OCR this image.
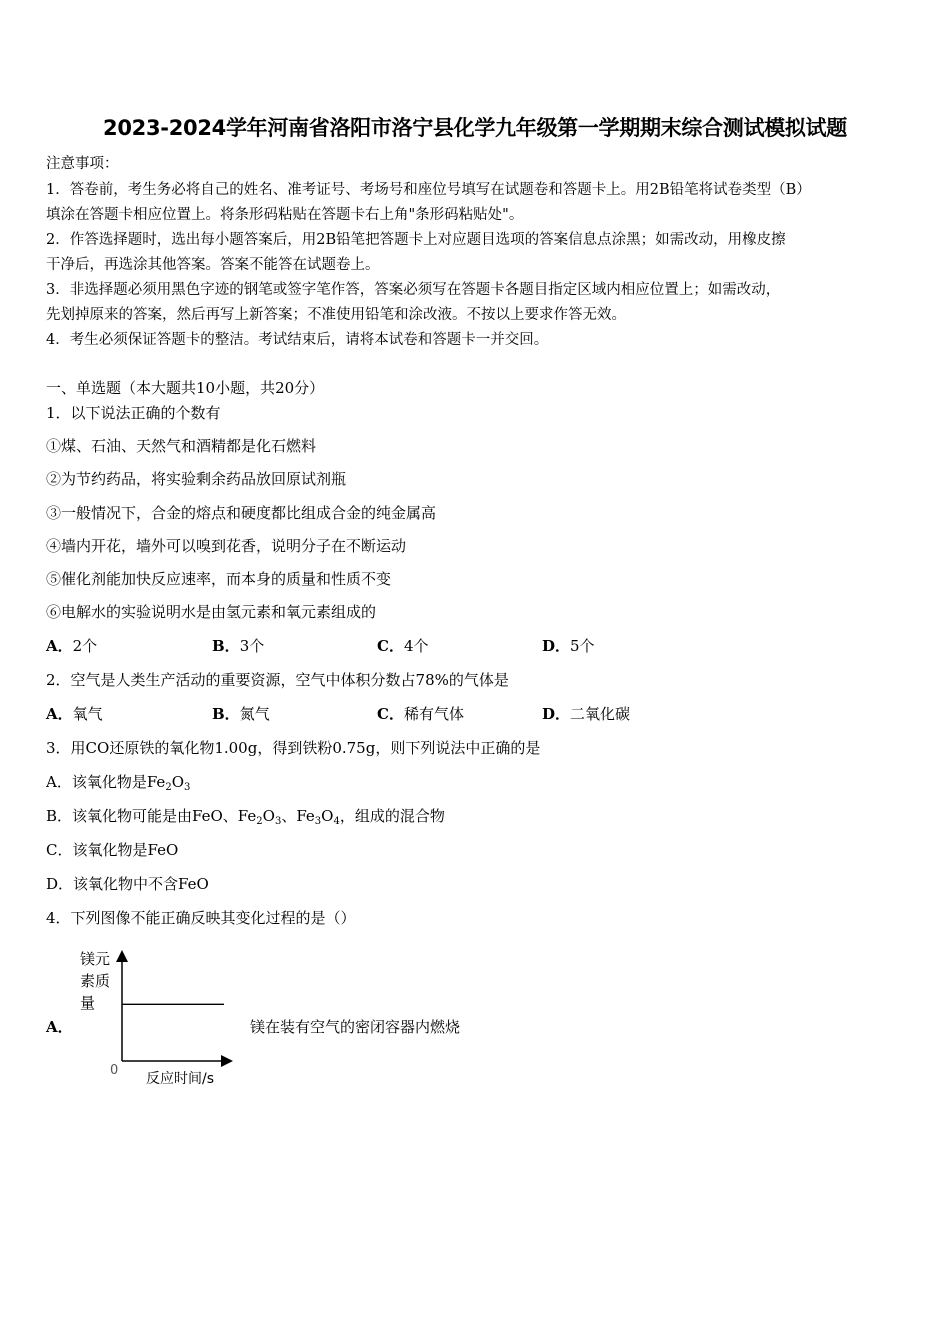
2023-2024学年河南省洛阳市洛宁县化学九年级第一学期期末综合测试模拟试题
注意事项：
1．答卷前，考生务必将自己的姓名、准考证号、考场号和座位号填写在试题卷和答题卡上。用2B铅笔将试卷类型（B）
填涂在答题卡相应位置上。将条形码粘贴在答题卡右上角"条形码粘贴处"。
2．作答选择题时，选出每小题答案后，用2B铅笔把答题卡上对应题目选项的答案信息点涂黑；如需改动，用橡皮擦
干净后，再选涂其他答案。答案不能答在试题卷上。
3．非选择题必须用黑色字迹的钢笔或签字笔作答，答案必须写在答题卡各题目指定区域内相应位置上；如需改动，
先划掉原来的答案，然后再写上新答案；不准使用铅笔和涂改液。不按以上要求作答无效。
4．考生必须保证答题卡的整洁。考试结束后，请将本试卷和答题卡一并交回。
一、单选题（本大题共10小题，共20分）
1．以下说法正确的个数有
①煤、石油、天然气和酒精都是化石燃料
②为节约药品，将实验剩余药品放回原试剂瓶
③一般情况下，合金的熔点和硬度都比组成合金的纯金属高
④墙内开花，墙外可以嗅到花香，说明分子在不断运动
⑤催化剂能加快反应速率，而本身的质量和性质不变
⑥电解水的实验说明水是由氢元素和氧元素组成的
A．2个	B．3个	C．4个	D．5个
2．空气是人类生产活动的重要资源，空气中体积分数占78%的气体是
A．氧气	B．氮气	C．稀有气体	D．二氧化碳
3．用CO还原铁的氧化物1.00g，得到铁粉0.75g，则下列说法中正确的是
A．该氧化物是$Fe_2O_3$
B．该氧化物可能是由FeO、$Fe_2O_3$、$Fe_3O_4$，组成的混合物
C．该氧化物是FeO
D．该氧化物中不含FeO
4．下列图像不能正确反映其变化过程的是（）
A．
镁元
素质
量
0
反应时间/s
镁在装有空气的密闭容器内燃烧
